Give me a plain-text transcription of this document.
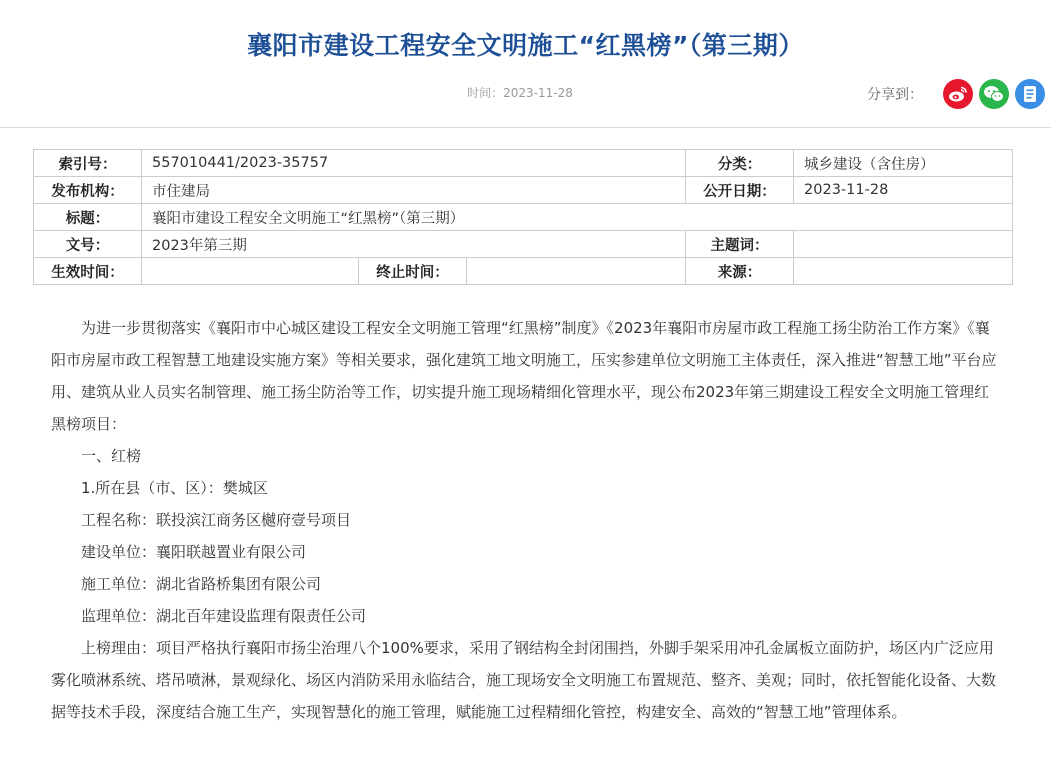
襄阳市建设工程安全文明施工“红黑榜”（第三期）
时间：2023-11-28	分享到：
索引号：	557010441/2023-35757			分类：	城乡建设（含住房）
发布机构：	市住建局			公开日期：	2023-11-28
标题：	襄阳市建设工程安全文明施工“红黑榜”（第三期）				
文号：	2023年第三期			主题词：	
生效时间：		终止时间：		来源：	

为进一步贯彻落实《襄阳市中心城区建设工程安全文明施工管理“红黑榜”制度》《2023年襄阳市房屋市政工程施工扬尘防治工作方案》《襄阳市房屋市政工程智慧工地建设实施方案》等相关要求，强化建筑工地文明施工，压实参建单位文明施工主体责任，深入推进“智慧工地”平台应用、建筑从业人员实名制管理、施工扬尘防治等工作，切实提升施工现场精细化管理水平，现公布2023年第三期建设工程安全文明施工管理红黑榜项目：

一、红榜

1.所在县（市、区）：樊城区

工程名称：联投滨江商务区樾府壹号项目

建设单位：襄阳联越置业有限公司

施工单位：湖北省路桥集团有限公司

监理单位：湖北百年建设监理有限责任公司

上榜理由：项目严格执行襄阳市扬尘治理八个100%要求，采用了钢结构全封闭围挡，外脚手架采用冲孔金属板立面防护，场区内广泛应用雾化喷淋系统、塔吊喷淋，景观绿化、场区内消防采用永临结合，施工现场安全文明施工布置规范、整齐、美观；同时，依托智能化设备、大数据等技术手段，深度结合施工生产，实现智慧化的施工管理，赋能施工过程精细化管控，构建安全、高效的“智慧工地”管理体系。
